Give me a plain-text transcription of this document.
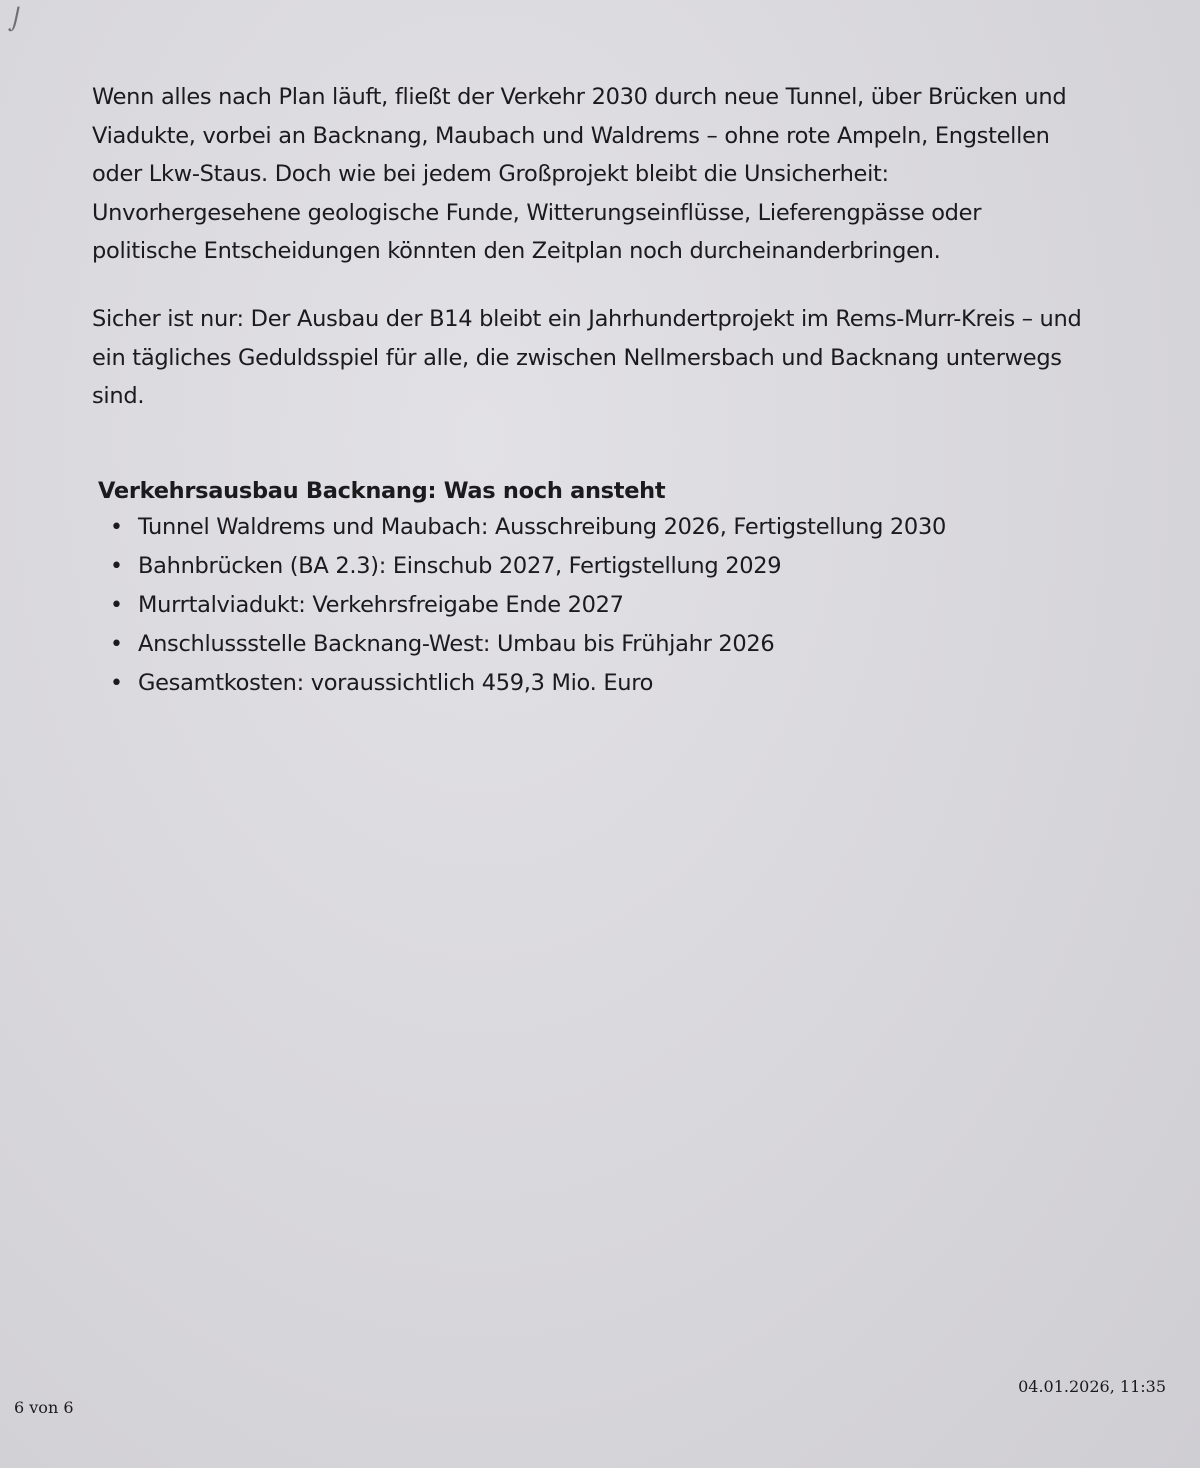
⌡

Wenn alles nach Plan läuft, fließt der Verkehr 2030 durch neue Tunnel, über Brücken und Viadukte, vorbei an Backnang, Maubach und Waldrems – ohne rote Ampeln, Engstellen oder Lkw-Staus. Doch wie bei jedem Großprojekt bleibt die Unsicherheit: Unvorhergesehene geologische Funde, Witterungseinflüsse, Lieferengpässe oder politische Entscheidungen könnten den Zeitplan noch durcheinanderbringen.

Sicher ist nur: Der Ausbau der B14 bleibt ein Jahrhundertprojekt im Rems-Murr-Kreis – und ein tägliches Geduldsspiel für alle, die zwischen Nellmersbach und Backnang unterwegs sind.

Verkehrsausbau Backnang: Was noch ansteht
• Tunnel Waldrems und Maubach: Ausschreibung 2026, Fertigstellung 2030
• Bahnbrücken (BA 2.3): Einschub 2027, Fertigstellung 2029
• Murrtalviadukt: Verkehrsfreigabe Ende 2027
• Anschlussstelle Backnang-West: Umbau bis Frühjahr 2026
• Gesamtkosten: voraussichtlich 459,3 Mio. Euro
6 von 6
04.01.2026, 11:35
